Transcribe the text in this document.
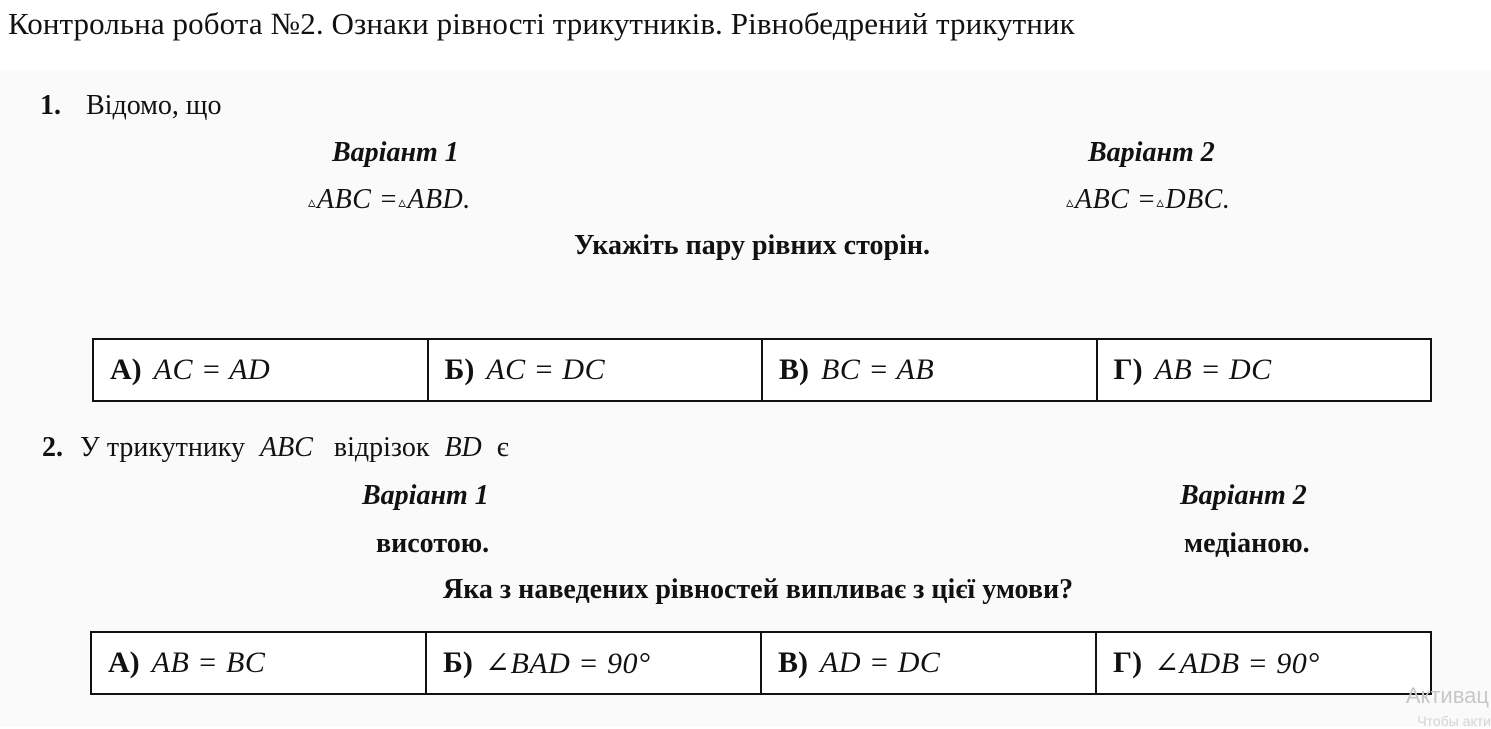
Контрольна робота №2. Ознаки рівності трикутників. Рівнобедрений трикутник
1. Відомо, що
Варіант 1
▵ABC =▵ABD.
Варіант 2
▵ABC =▵DBC.
Укажіть пару рівних сторін.
А) AC = AD	Б) AC = DC	В) BC = AB	Г) AB = DC
2. У трикутнику ABC відрізок BD є
Варіант 1
висотою.
Варіант 2
медіаною.
Яка з наведених рівностей випливає з цієї умови?
А) AB = BC	Б) ∠BAD = 90°	В) AD = DC	Г) ∠ADB = 90°
Активац
Чтобы акти
